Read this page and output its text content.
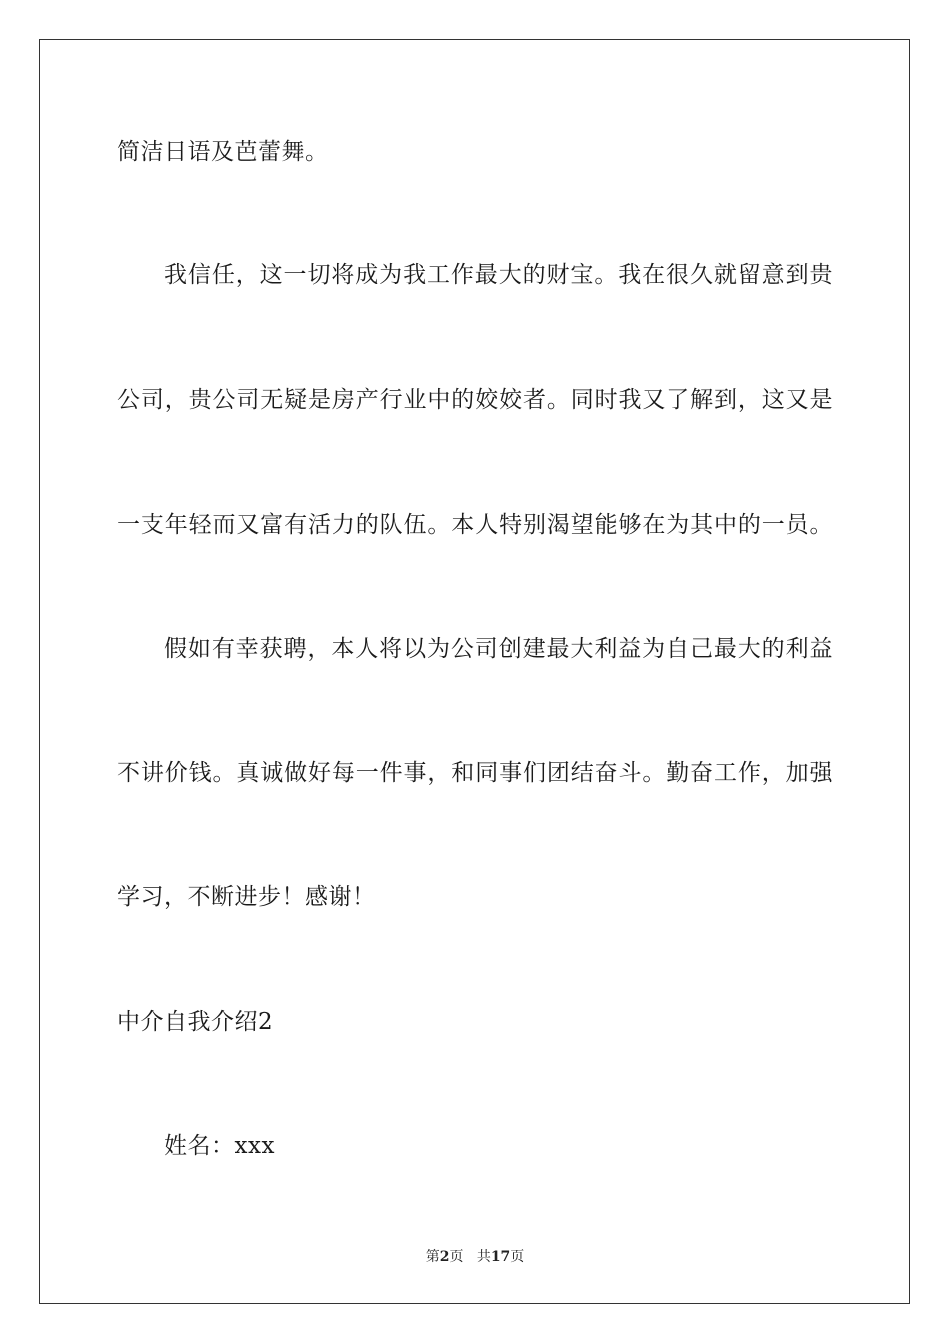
简洁日语及芭蕾舞。
我信任，这一切将成为我工作最大的财宝。我在很久就留意到贵
公司，贵公司无疑是房产行业中的姣姣者。同时我又了解到，这又是
一支年轻而又富有活力的队伍。本人特别渴望能够在为其中的一员。
假如有幸获聘，本人将以为公司创建最大利益为自己最大的利益
不讲价钱。真诚做好每一件事，和同事们团结奋斗。勤奋工作，加强
学习，不断进步！感谢！
中介自我介绍2
姓名：xxx
第2页 共17页
